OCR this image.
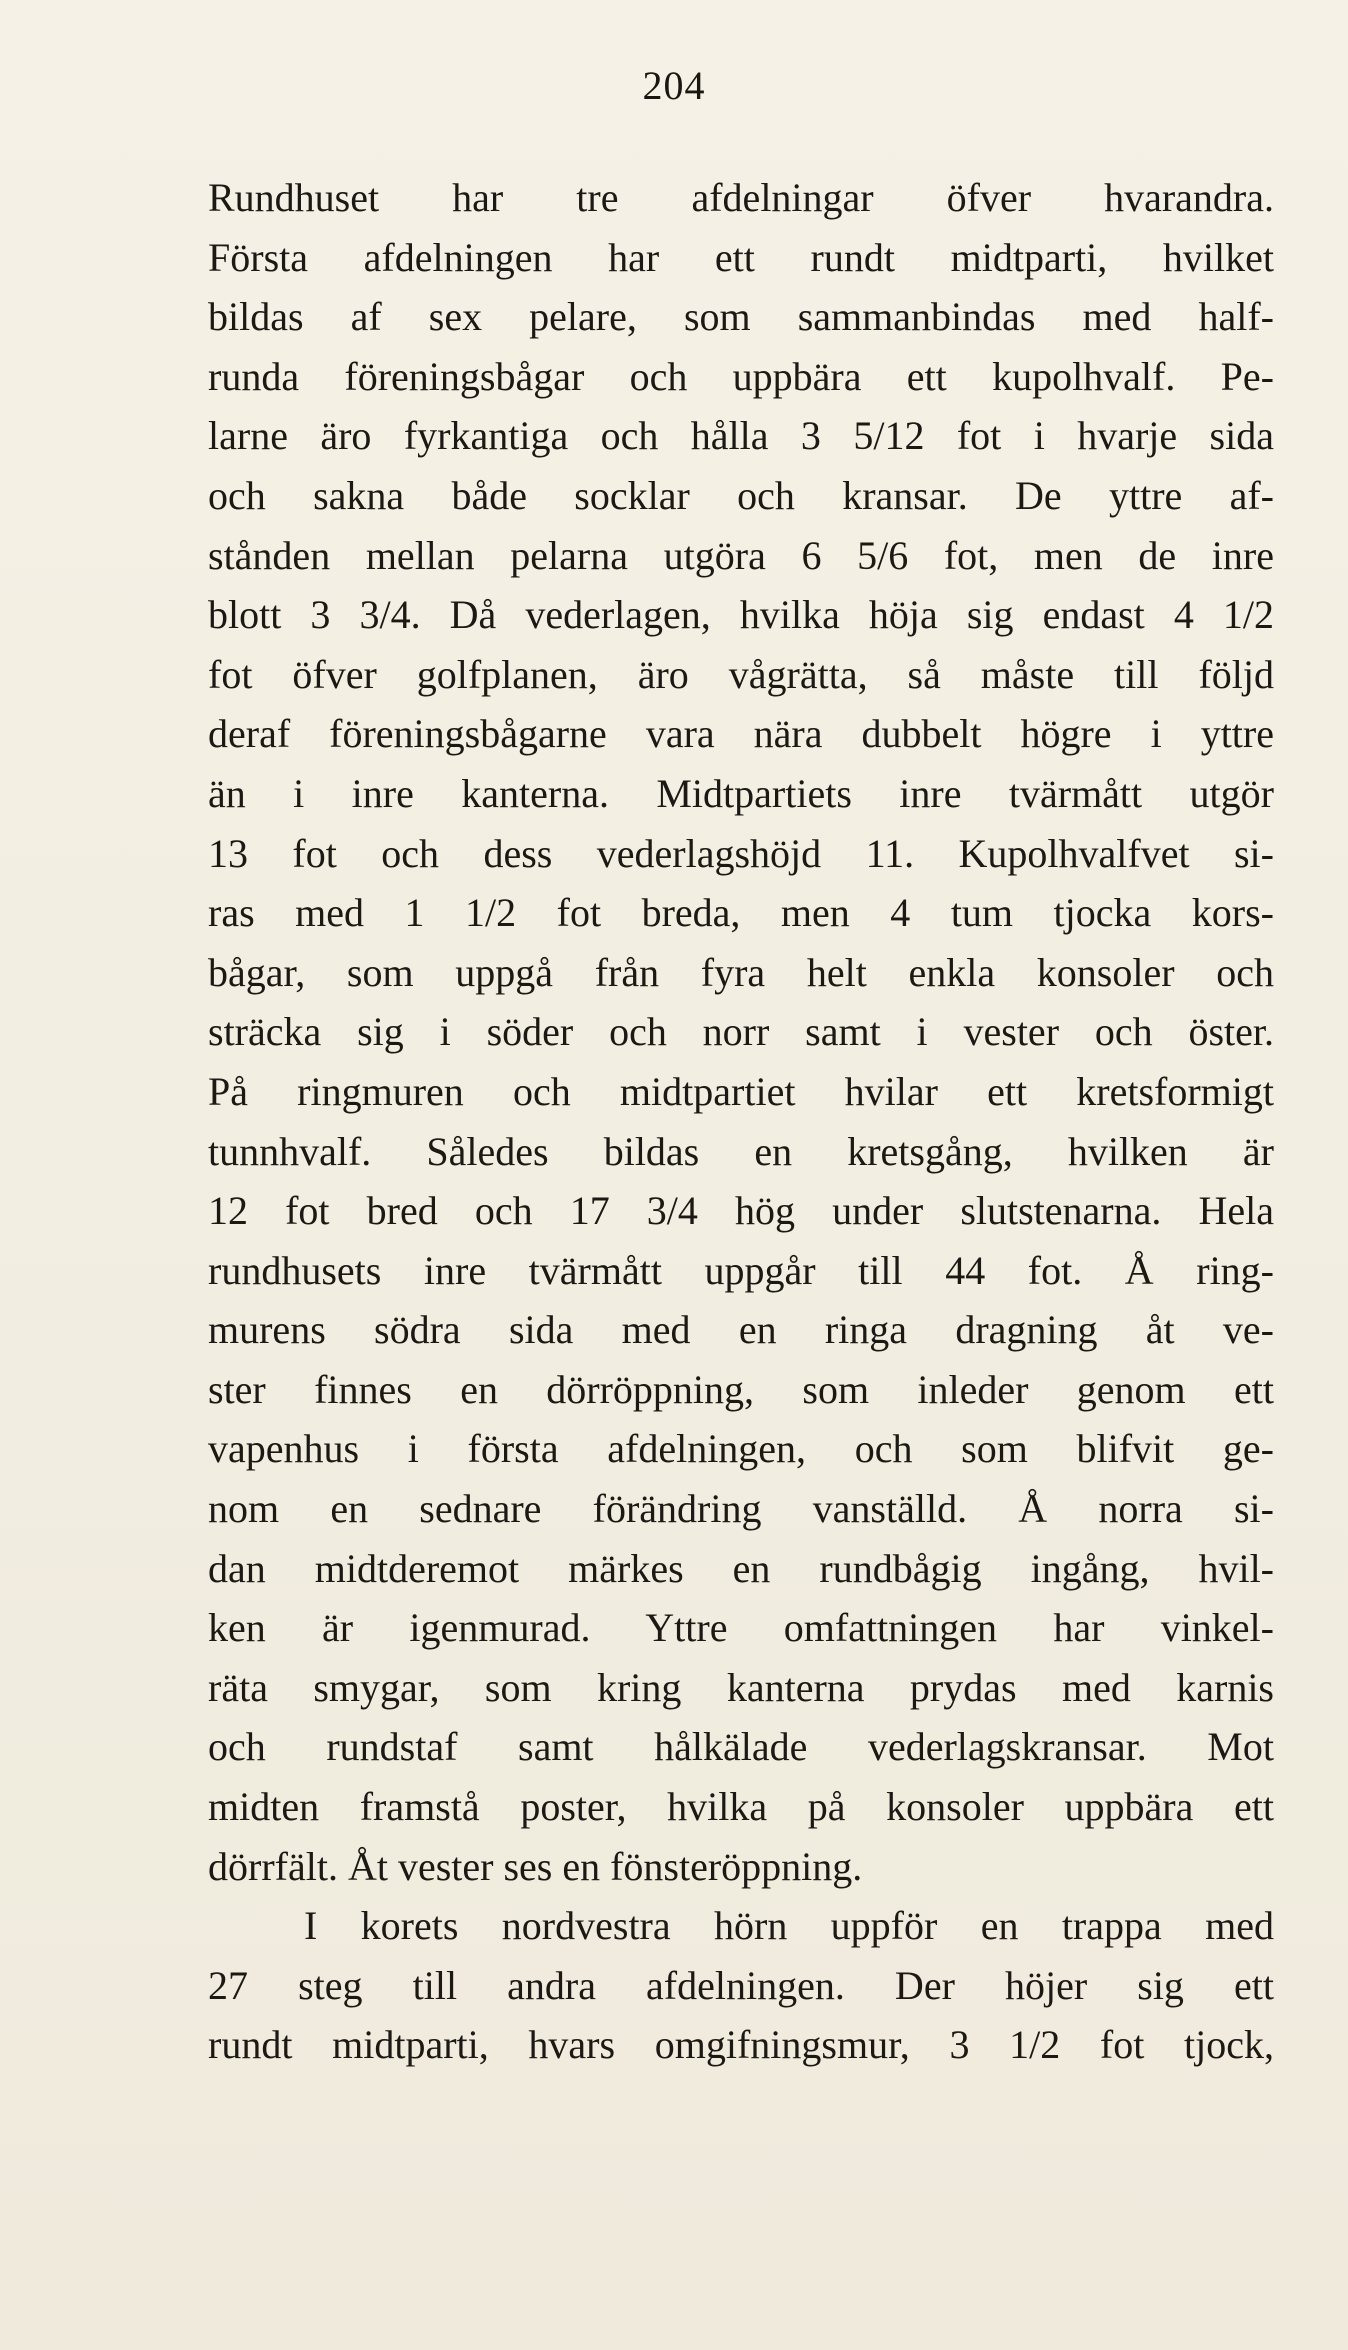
204
Rundhuset har tre afdelningar öfver hvarandra.
Första afdelningen har ett rundt midtparti, hvilket
bildas af sex pelare, som sammanbindas med half-
runda föreningsbågar och uppbära ett kupolhvalf. Pe-
larne äro fyrkantiga och hålla 3 5/12 fot i hvarje sida
och sakna både socklar och kransar. De yttre af-
stånden mellan pelarna utgöra 6 5/6 fot, men de inre
blott 3 3/4. Då vederlagen, hvilka höja sig endast 4 1/2
fot öfver golfplanen, äro vågrätta, så måste till följd
deraf föreningsbågarne vara nära dubbelt högre i yttre
än i inre kanterna. Midtpartiets inre tvärmått utgör
13 fot och dess vederlagshöjd 11. Kupolhvalfvet si-
ras med 1 1/2 fot breda, men 4 tum tjocka kors-
bågar, som uppgå från fyra helt enkla konsoler och
sträcka sig i söder och norr samt i vester och öster.
På ringmuren och midtpartiet hvilar ett kretsformigt
tunnhvalf. Således bildas en kretsgång, hvilken är
12 fot bred och 17 3/4 hög under slutstenarna. Hela
rundhusets inre tvärmått uppgår till 44 fot. Å ring-
murens södra sida med en ringa dragning åt ve-
ster finnes en dörröppning, som inleder genom ett
vapenhus i första afdelningen, och som blifvit ge-
nom en sednare förändring vanställd. Å norra si-
dan midtderemot märkes en rundbågig ingång, hvil-
ken är igenmurad. Yttre omfattningen har vinkel-
räta smygar, som kring kanterna prydas med karnis
och rundstaf samt hålkälade vederlagskransar. Mot
midten framstå poster, hvilka på konsoler uppbära ett
dörrfält. Åt vester ses en fönsteröppning.
I korets nordvestra hörn uppför en trappa med
27 steg till andra afdelningen. Der höjer sig ett
rundt midtparti, hvars omgifningsmur, 3 1/2 fot tjock,
